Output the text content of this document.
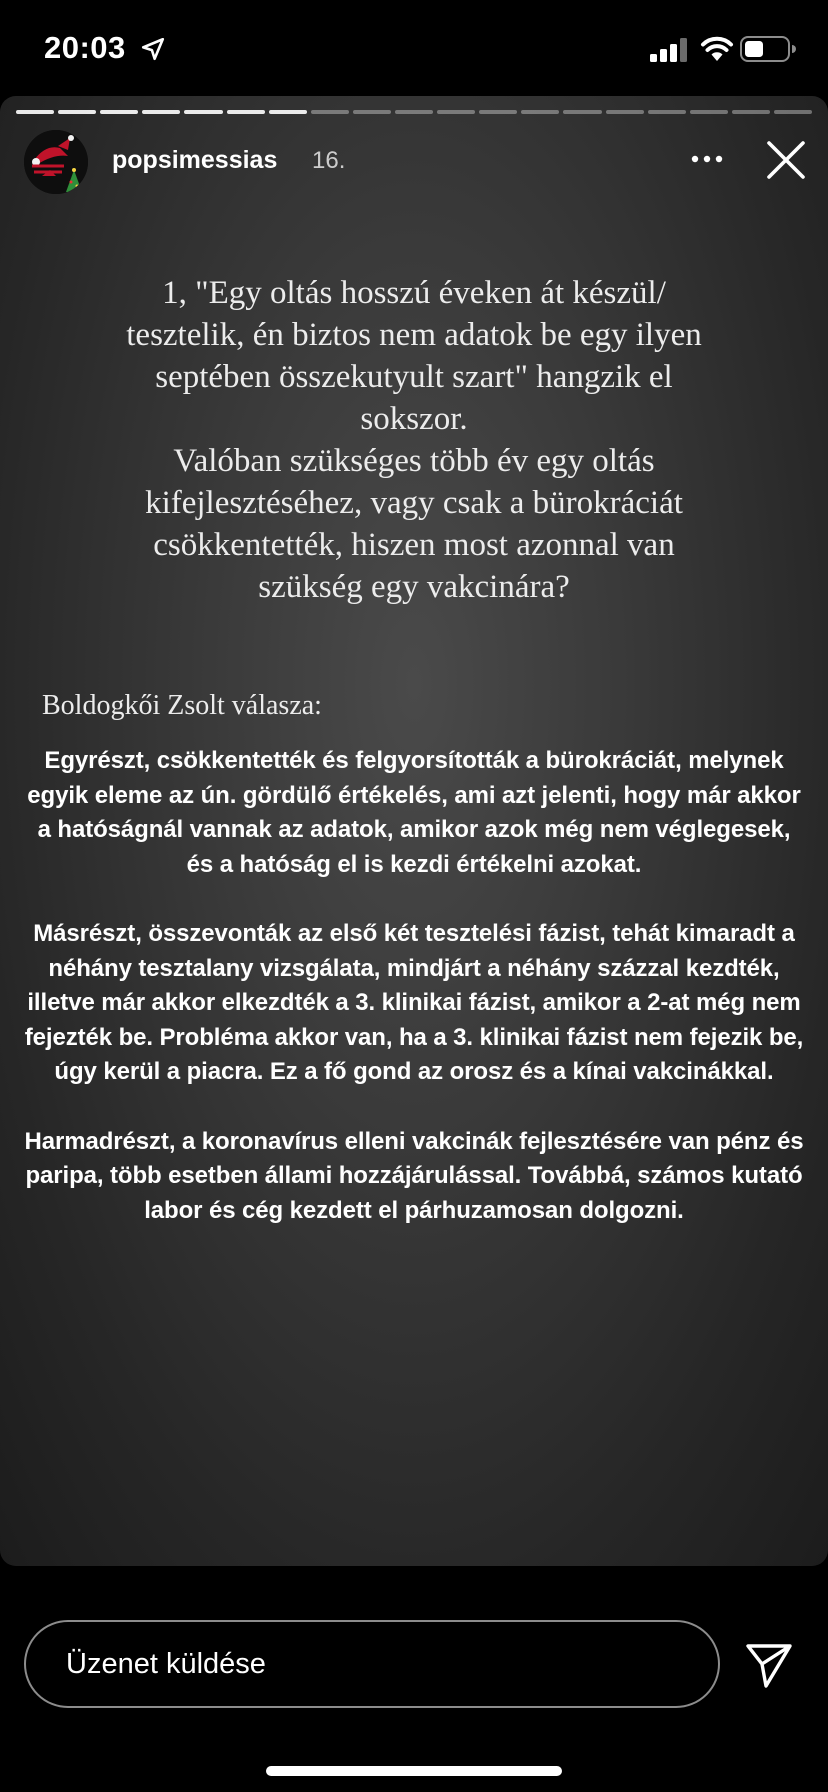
20:03
popsimessias 16.
1, "Egy oltás hosszú éveken át készül/
tesztelik, én biztos nem adatok be egy ilyen
septében összekutyult szart" hangzik el
sokszor.
Valóban szükséges több év egy oltás
kifejlesztéséhez, vagy csak a bürokráciát
csökkentették, hiszen most azonnal van
szükség egy vakcinára?
Boldogkői Zsolt válasza:

Egyrészt, csökkentették és felgyorsították a bürokráciát, melynek egyik eleme az ún. gördülő értékelés, ami azt jelenti, hogy már akkor a hatóságnál vannak az adatok, amikor azok még nem véglegesek, és a hatóság el is kezdi értékelni azokat.

Másrészt, összevonták az első két tesztelési fázist, tehát kimaradt a néhány tesztalany vizsgálata, mindjárt a néhány százzal kezdték, illetve már akkor elkezdték a 3. klinikai fázist, amikor a 2-at még nem fejezték be. Probléma akkor van, ha a 3. klinikai fázist nem fejezik be, úgy kerül a piacra. Ez a fő gond az orosz és a kínai vakcinákkal.

Harmadrészt, a koronavírus elleni vakcinák fejlesztésére van pénz és paripa, több esetben állami hozzájárulással. Továbbá, számos kutató labor és cég kezdett el párhuzamosan dolgozni.

Üzenet küldése
